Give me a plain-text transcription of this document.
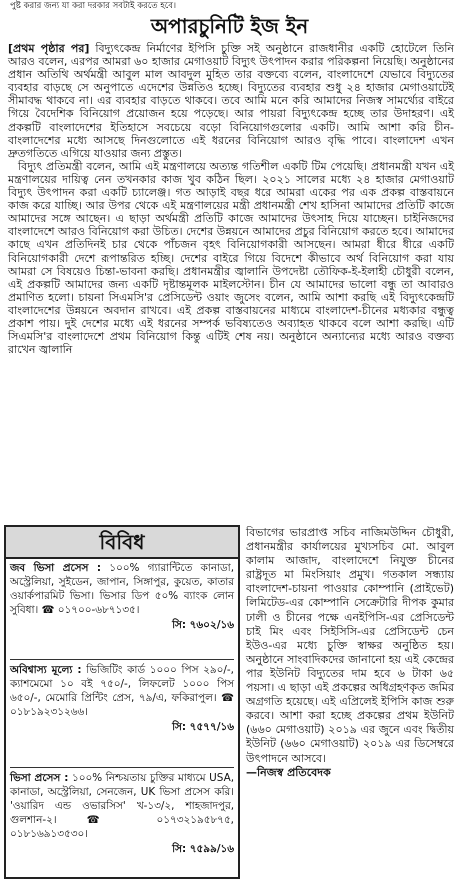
পুষ্ট করার জন্য যা করা দরকার সবটাই করতে হবে।
অপারচুনিটি ইজ ইন

[প্রথম পৃষ্ঠার পর] বিদ্যুৎকেন্দ্র নির্মাণের ইপিসি চুক্তি সই অনুষ্ঠানে রাজধানীর একটি হোটেলে তিনি আরও বলেন, এরপর আমরা ৬০ হাজার মেগাওয়াট বিদ্যুৎ উৎপাদন করার পরিকল্পনা নিয়েছি। অনুষ্ঠানের প্রধান অতিথি অর্থমন্ত্রী আবুল মাল আবদুল মুহিত তার বক্তব্যে বলেন, বাংলাদেশে যেভাবে বিদ্যুতের ব্যবহার বাড়ছে সে অনুপাতে এদেশের উন্নতিও হচ্ছে। বিদ্যুতের ব্যবহার শুধু ২৪ হাজার মেগাওয়াটেই সীমাবদ্ধ থাকবে না। এর ব্যবহার বাড়তে থাকবে। তবে আমি মনে করি আমাদের নিজস্ব সামর্থ্যের বাইরে গিয়ে বৈদেশিক বিনিয়োগ প্রয়োজন হয়ে পড়েছে। আর পায়রা বিদ্যুৎকেন্দ্র হচ্ছে তার উদাহরণ। এই প্রকল্পটি বাংলাদেশের ইতিহাসে সবচেয়ে বড়ো বিনিয়োগগুলোর একটি। আমি আশা করি চীন-বাংলাদেশের মধ্যে আসছে দিনগুলোতে এই ধরনের বিনিয়োগ আরও বৃদ্ধি পাবে। বাংলাদেশ এখন দ্রুতগতিতে এগিয়ে যাওয়ার জন্য প্রস্তুত।

বিদ্যুৎ প্রতিমন্ত্রী বলেন, আমি এই মন্ত্রণালয়ে অত্যন্ত গতিশীল একটি টিম পেয়েছি। প্রধানমন্ত্রী যখন এই মন্ত্রণালয়ের দায়িত্ব নেন তখনকার কাজ খুব কঠিন ছিল। ২০২১ সালের মধ্যে ২৪ হাজার মেগাওয়াট বিদ্যুৎ উৎপাদন করা একটি চ্যালেঞ্জ। গত আড়াই বছর ধরে আমরা একের পর এক প্রকল্প বাস্তবায়নে কাজ করে যাচ্ছি। আর উপর থেকে এই মন্ত্রণালয়ের মন্ত্রী প্রধানমন্ত্রী শেখ হাসিনা আমাদের প্রতিটি কাজে আমাদের সঙ্গে আছেন। এ ছাড়া অর্থমন্ত্রী প্রতিটি কাজে আমাদের উৎসাহ দিয়ে যাচ্ছেন। চাইনিজদের বাংলাদেশে আরও বিনিয়োগ করা উচিত। দেশের উন্নয়নে আমাদের প্রচুর বিনিয়োগ করতে হবে। আমাদের কাছে এখন প্রতিদিনই চার থেকে পাঁচজন বৃহৎ বিনিয়োগকারী আসছেন। আমরা ধীরে ধীরে একটি বিনিয়োগকারী দেশে রূপান্তরিত হচ্ছি। দেশের বাইরে গিয়ে বিদেশে কীভাবে অর্থ বিনিয়োগ করা যায় আমরা সে বিষয়েও চিন্তা-ভাবনা করছি। প্রধানমন্ত্রীর জ্বালানি উপদেষ্টা তৌফিক-ই-ইলাহী চৌধুরী বলেন, এই প্রকল্পটি আমাদের জন্য একটি দৃষ্টান্তমূলক মাইলস্টোন। চীন যে আমাদের ভালো বন্ধু তা আবারও প্রমাণিত হলো। চায়না সিএমসি'র প্রেসিডেন্ট ওয়াং জুসেং বলেন, আমি আশা করছি এই বিদ্যুৎকেন্দ্রটি বাংলাদেশের উন্নয়নে অবদান রাখবে। এই প্রকল্প বাস্তবায়নের মাধ্যমে বাংলাদেশ-চীনের মধ্যকার বন্ধুত্ব প্রকাশ পায়। দুই দেশের মধ্যে এই ধরনের সম্পর্ক ভবিষ্যতেও অব্যাহত থাকবে বলে আশা করছি। এটি সিএমসি'র বাংলাদেশে প্রথম বিনিয়োগ কিন্তু এটিই শেষ নয়। অনুষ্ঠানে অন্যান্যের মধ্যে আরও বক্তব্য রাখেন জ্বালানি

বিবিধ
জব ভিসা প্রসেস : ১০০% গ্যারান্টিতে কানাডা, অস্ট্রেলিয়া, সুইডেন, জাপান, সিঙ্গাপুর, কুয়েত, কাতার ওয়ার্কপারমিট ভিসা। ভিসার ডিপ ৫০% ব্যাংক লোন সুবিধা। ☎ ০১৭০০-৬৮৭১৩৫।
সি: ৭৬০২/১৬
অবিশ্বাস্য মূল্যে : ভিজিটিং কার্ড ১০০০ পিস ২৯০/-, ক্যাশমেমো ১০ বই ৭৫০/-, লিফলেট ১০০০ পিস ৬৫০/-, মেমোরি প্রিন্টিং প্রেস, ৭৯/এ, ফকিরাপুল। ☎ ০১৮১৯২৩১২৬৬।
সি: ৭৫৭৭/১৬
ভিসা প্রসেস : ১০০% নিশ্চয়তায় চুক্তির মাধ্যমে USA, কানাডা, অস্ট্রেলিয়া, সেনজেন, UK ভিসা প্রসেস করি। 'ওয়ারিদ এন্ড ওভারসিস' খ-১৩/২, শাহজাদপুর, গুলশান-২। ☎ ০১৭৩২১৯৫৮৭৫, ০১৮১৬৯১৩৫৩০।
সি: ৭৫৯৯/১৬

বিভাগের ভারপ্রাপ্ত সচিব নাজিমউদ্দিন চৌধুরী, প্রধানমন্ত্রীর কার্যালয়ের মুখ্যসচিব মো. আবুল কালাম আজাদ, বাংলাদেশে নিযুক্ত চীনের রাষ্ট্রদূত মা মিংসিয়াং প্রমুখ। গতকাল সন্ধ্যায় বাংলাদেশ-চায়না পাওয়ার কোম্পানি (প্রাইভেট) লিমিটেড-এর কোম্পানি সেক্রেটারি দীপক কুমার ঢালী ও চীনের পক্ষে এনইপিসি-এর প্রেসিডেন্ট চাই মিং এবং সিইসিসি-এর প্রেসিডেন্ট চেন ইউও-এর মধ্যে চুক্তি স্বাক্ষর অনুষ্ঠিত হয়। অনুষ্ঠানে সাংবাদিকদের জানানো হয় এই কেন্দ্রের পার ইউনিট বিদ্যুতের দাম হবে ৬ টাকা ৬৫ পয়সা। এ ছাড়া এই প্রকল্পের অধিগ্রহণকৃত জমির অগ্রগতি হয়েছে। এই এপ্রিলেই ইপিসি কাজ শুরু করবে। আশা করা হচ্ছে প্রকল্পের প্রথম ইউনিট (৬৬০ মেগাওয়াট) ২০১৯ এর জুনে এবং দ্বিতীয় ইউনিট (৬৬০ মেগাওয়াট) ২০১৯ এর ডিসেম্বরে উৎপাদনে আসবে।

—নিজস্ব প্রতিবেদক
